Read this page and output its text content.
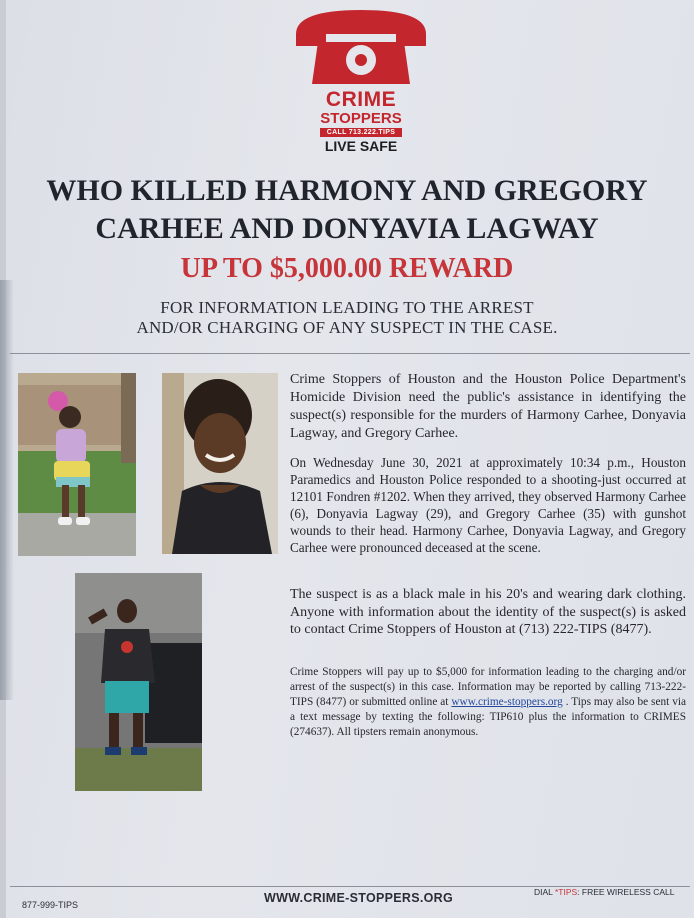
CRIME
STOPPERS
CALL 713.222.TIPS
LIVE SAFE
WHO KILLED HARMONY AND GREGORY
CARHEE AND DONYAVIA LAGWAY
UP TO $5,000.00 REWARD
FOR INFORMATION LEADING TO THE ARREST
AND/OR CHARGING OF ANY SUSPECT IN THE CASE.

Crime Stoppers of Houston and the Houston Police Department's Homicide Division need the public's assistance in identifying the suspect(s) responsible for the murders of Harmony Carhee, Donyavia Lagway, and Gregory Carhee.

On Wednesday June 30, 2021 at approximately 10:34 p.m., Houston Paramedics and Houston Police responded to a shooting-just occurred at 12101 Fondren #1202. When they arrived, they observed Harmony Carhee (6), Donyavia Lagway (29), and Gregory Carhee (35) with gunshot wounds to their head. Harmony Carhee, Donyavia Lagway, and Gregory Carhee were pronounced deceased at the scene.

The suspect is as a black male in his 20's and wearing dark clothing. Anyone with information about the identity of the suspect(s) is asked to contact Crime Stoppers of Houston at (713) 222-TIPS (8477).

Crime Stoppers will pay up to $5,000 for information leading to the charging and/or arrest of the suspect(s) in this case. Information may be reported by calling 713-222-TIPS (8477) or submitted online at www.crime-stoppers.org . Tips may also be sent via a text message by texting the following: TIP610 plus the information to CRIMES (274637). All tipsters remain anonymous.

877-999-TIPS	WWW.CRIME-STOPPERS.ORG	DIAL *TIPS: FREE WIRELESS CALL
